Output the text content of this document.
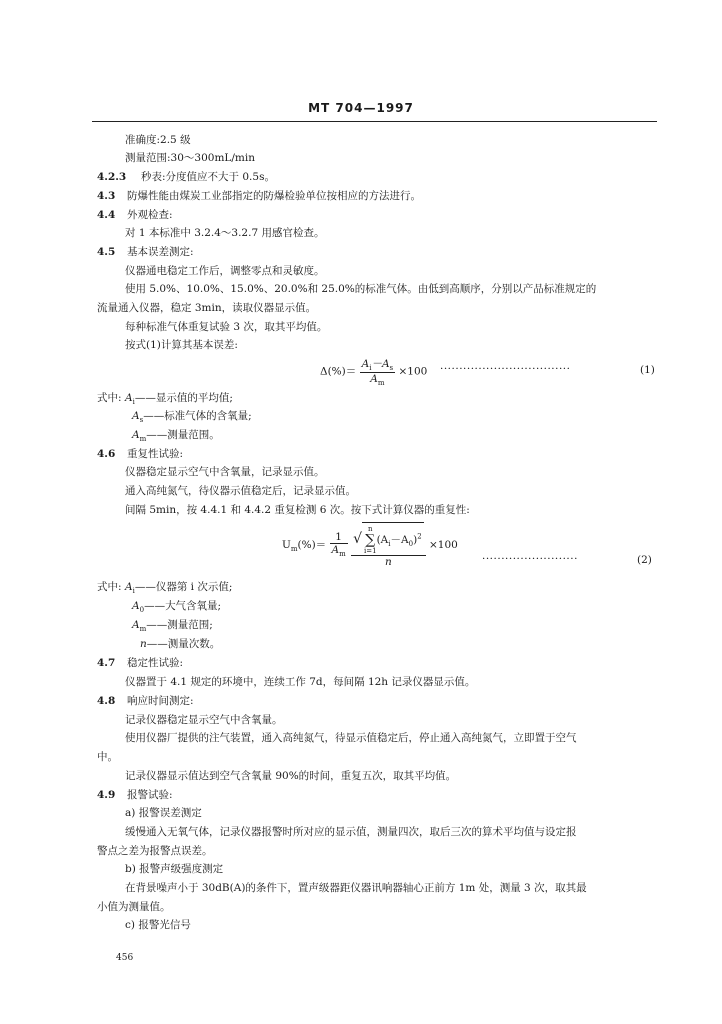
MT 704—1997
准确度:2.5 级
测量范围:30～300mL/min
4.2.3 秒表:分度值应不大于 0.5s。
4.3 防爆性能由煤炭工业部指定的防爆检验单位按相应的方法进行。
4.4 外观检查:
对 1 本标准中 3.2.4～3.2.7 用感官检查。
4.5 基本误差测定:
仪器通电稳定工作后，调整零点和灵敏度。
使用 5.0%、10.0%、15.0%、20.0%和 25.0%的标准气体。由低到高顺序，分别以产品标准规定的
流量通入仪器，稳定 3min，读取仪器显示值。
每种标准气体重复试验 3 次，取其平均值。
按式(1)计算其基本误差:
$\Delta(\%)= \frac{A_i-A_s}{A_m} \times 100$ ··································	(1)
式中: $A_i——$显示值的平均值;
$A_s——$标准气体的含氧量;
$A_m——$测量范围。
4.6 重复性试验:
仪器稳定显示空气中含氧量，记录显示值。
通入高纯氮气，待仪器示值稳定后，记录显示值。
间隔 5min，按 4.4.1 和 4.4.2 重复检测 6 次。按下式计算仪器的重复性:
$U_m(\%)= \frac{1}{A_m}$
√
n
∑
i=1
$(A_i-A_0)^2$
n
×100
·························	(2)
式中: $A_i——$仪器第 i 次示值;
$A_0——$大气含氧量;
$A_m——$测量范围;
n——测量次数。
4.7 稳定性试验:
仪器置于 4.1 规定的环境中，连续工作 7d，每间隔 12h 记录仪器显示值。
4.8 响应时间测定:
记录仪器稳定显示空气中含氧量。
使用仪器厂提供的注气装置，通入高纯氮气，待显示值稳定后，停止通入高纯氮气，立即置于空气
中。
记录仪器显示值达到空气含氧量 90%的时间，重复五次，取其平均值。
4.9 报警试验:
a) 报警误差测定
缓慢通入无氧气体，记录仪器报警时所对应的显示值，测量四次，取后三次的算术平均值与设定报
警点之差为报警点误差。
b) 报警声级强度测定
在背景噪声小于 30dB(A)的条件下，置声级器距仪器讯响器轴心正前方 1m 处，测量 3 次，取其最
小值为测量值。
c) 报警光信号
456
